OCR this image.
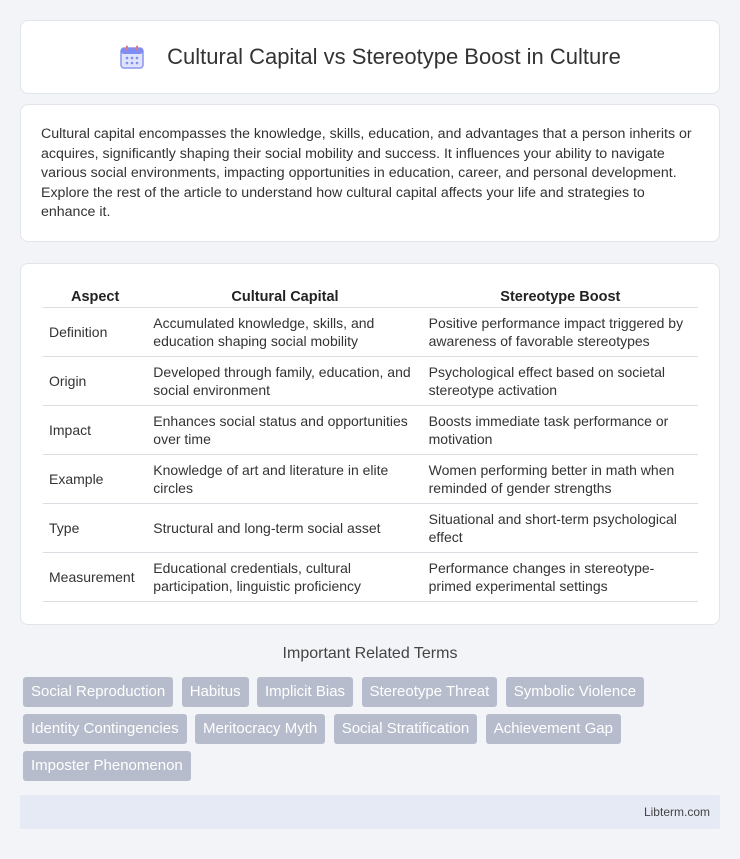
Cultural Capital vs Stereotype Boost in Culture

Cultural capital encompasses the knowledge, skills, education, and advantages that a person inherits or acquires, significantly shaping their social mobility and success. It influences your ability to navigate various social environments, impacting opportunities in education, career, and personal development. Explore the rest of the article to understand how cultural capital affects your life and strategies to enhance it.

Aspect	Cultural Capital	Stereotype Boost
Definition	Accumulated knowledge, skills, and education shaping social mobility	Positive performance impact triggered by awareness of favorable stereotypes
Origin	Developed through family, education, and social environment	Psychological effect based on societal stereotype activation
Impact	Enhances social status and opportunities over time	Boosts immediate task performance or motivation
Example	Knowledge of art and literature in elite circles	Women performing better in math when reminded of gender strengths
Type	Structural and long-term social asset	Situational and short-term psychological effect
Measurement	Educational credentials, cultural participation, linguistic proficiency	Performance changes in stereotype-primed experimental settings
Important Related Terms
Social Reproduction Habitus Implicit Bias Stereotype Threat Symbolic Violence Identity Contingencies Meritocracy Myth Social Stratification Achievement Gap Imposter Phenomenon
Libterm.com
